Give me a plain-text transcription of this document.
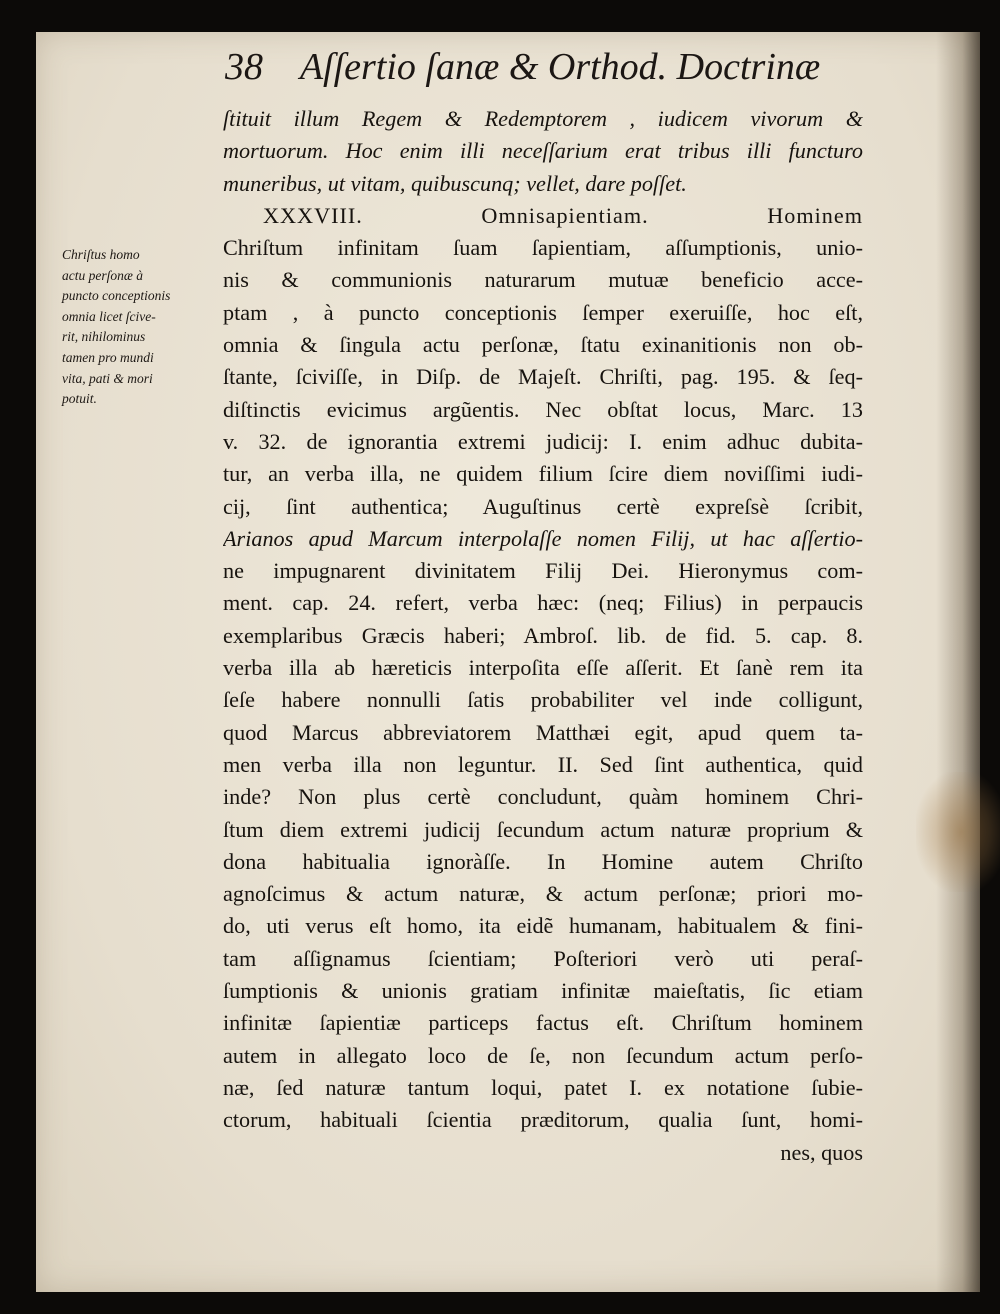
38 Aſſertio ſanæ & Orthod. Doctrinæ
Chriſtus homo
actu perſonæ à
puncto conceptionis
omnia licet ſcive-
rit, nihilominus
tamen pro mundi
vita, pati & mori
potuit.
ſtituit illum Regem & Redemptorem , iudicem vivorum &
mortuorum. Hoc enim illi neceſſarium erat tribus illi functuro
muneribus, ut vitam, quibuscunq; vellet, dare poſſet.
XXXVIII. Omnisapientiam. Hominem
Chriſtum infinitam ſuam ſapientiam, aſſumptionis, unio-
nis & communionis naturarum mutuæ beneficio acce-
ptam , à puncto conceptionis ſemper exeruiſſe, hoc eſt,
omnia & ſingula actu perſonæ, ſtatu exinanitionis non ob-
ſtante, ſciviſſe, in Diſp. de Majeſt. Chriſti, pag. 195. & ſeq-
diſtinctis evicimus argũentis. Nec obſtat locus, Marc. 13
v. 32. de ignorantia extremi judicij: I. enim adhuc dubita-
tur, an verba illa, ne quidem filium ſcire diem noviſſimi iudi-
cij, ſint authentica; Auguſtinus certè expreſsè ſcribit,
Arianos apud Marcum interpolaſſe nomen Filij, ut hac aſſertio-
ne impugnarent divinitatem Filij Dei. Hieronymus com-
ment. cap. 24. refert, verba hæc: (neq; Filius) in perpaucis
exemplaribus Græcis haberi; Ambroſ. lib. de fid. 5. cap. 8.
verba illa ab hæreticis interpoſita eſſe aſſerit. Et ſanè rem ita
ſeſe habere nonnulli ſatis probabiliter vel inde colligunt,
quod Marcus abbreviatorem Matthæi egit, apud quem ta-
men verba illa non leguntur. II. Sed ſint authentica, quid
inde? Non plus certè concludunt, quàm hominem Chri-
ſtum diem extremi judicij ſecundum actum naturæ proprium &
dona habitualia ignoràſſe. In Homine autem Chriſto
agnoſcimus & actum naturæ, & actum perſonæ; priori mo-
do, uti verus eſt homo, ita eidẽ humanam, habitualem & fini-
tam aſſignamus ſcientiam; Poſteriori verò uti peraſ-
ſumptionis & unionis gratiam infinitæ maieſtatis, ſic etiam
infinitæ ſapientiæ particeps factus eſt. Chriſtum hominem
autem in allegato loco de ſe, non ſecundum actum perſo-
næ, ſed naturæ tantum loqui, patet I. ex notatione ſubie-
ctorum, habituali ſcientia præditorum, qualia ſunt, homi-
nes, quos
